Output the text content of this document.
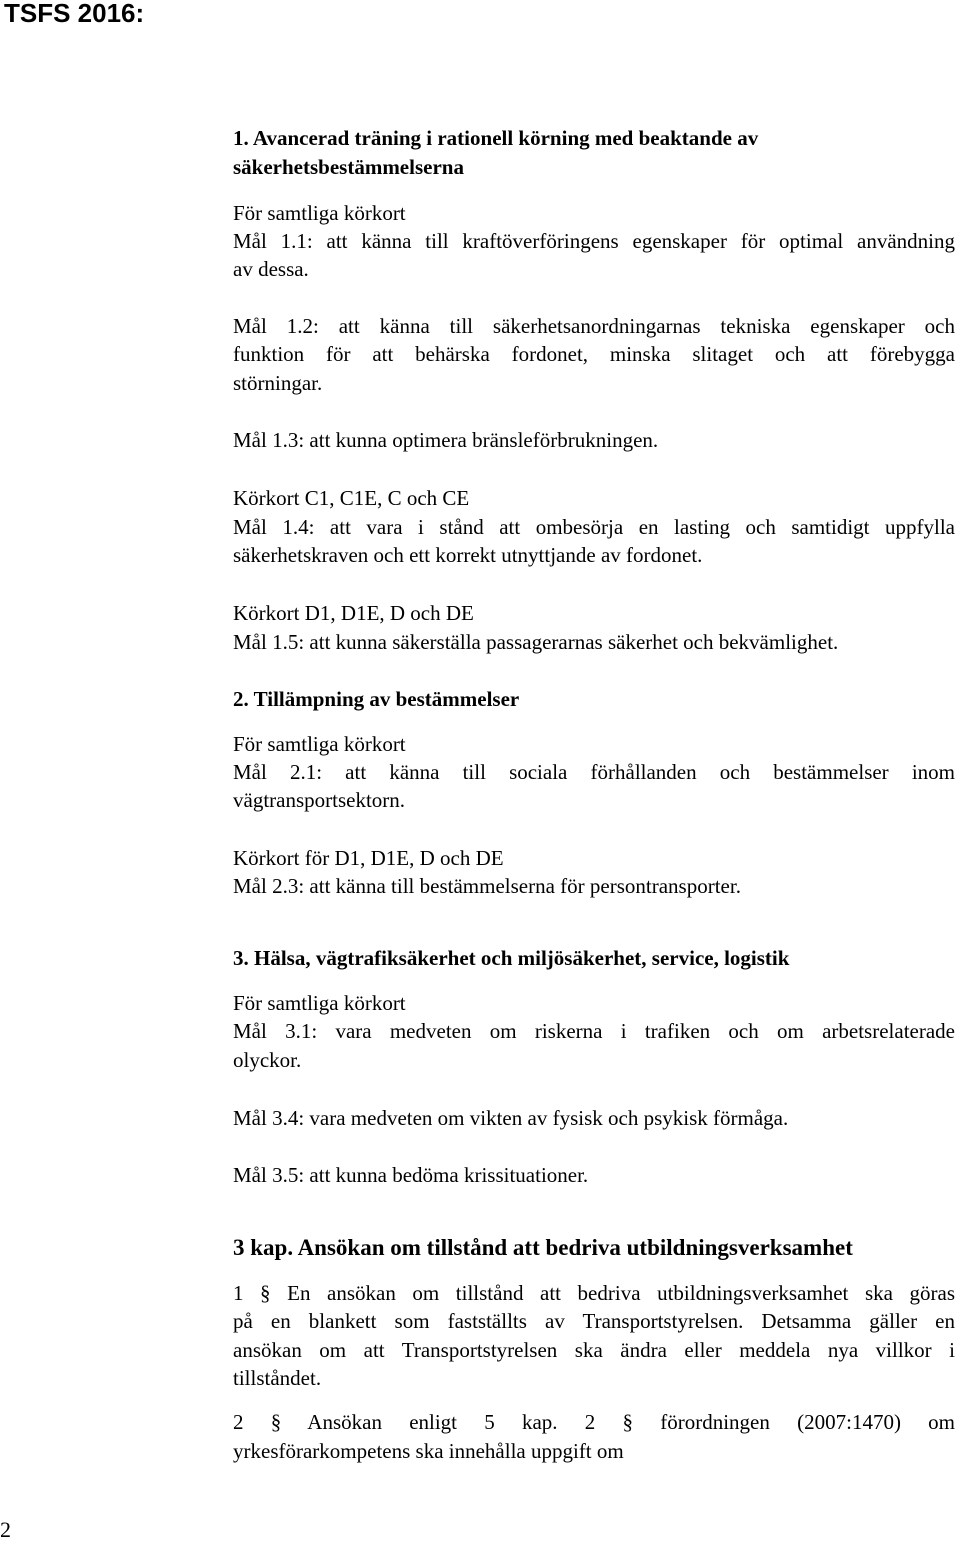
TSFS 2016:
1. Avancerad träning i rationell körning med beaktande av
säkerhetsbestämmelserna
För samtliga körkort
Mål 1.1: att känna till kraftöverföringens egenskaper för optimal användning
av dessa.
Mål 1.2: att känna till säkerhetsanordningarnas tekniska egenskaper och
funktion för att behärska fordonet, minska slitaget och att förebygga
störningar.
Mål 1.3: att kunna optimera bränsleförbrukningen.
Körkort C1, C1E, C och CE
Mål 1.4: att vara i stånd att ombesörja en lasting och samtidigt uppfylla
säkerhetskraven och ett korrekt utnyttjande av fordonet.
Körkort D1, D1E, D och DE
Mål 1.5: att kunna säkerställa passagerarnas säkerhet och bekvämlighet.
2. Tillämpning av bestämmelser
För samtliga körkort
Mål 2.1: att känna till sociala förhållanden och bestämmelser inom
vägtransportsektorn.
Körkort för D1, D1E, D och DE
Mål 2.3: att känna till bestämmelserna för persontransporter.
3. Hälsa, vägtrafiksäkerhet och miljösäkerhet, service, logistik
För samtliga körkort
Mål 3.1: vara medveten om riskerna i trafiken och om arbetsrelaterade
olyckor.
Mål 3.4: vara medveten om vikten av fysisk och psykisk förmåga.
Mål 3.5: att kunna bedöma krissituationer.
3 kap. Ansökan om tillstånd att bedriva utbildningsverksamhet
1 § En ansökan om tillstånd att bedriva utbildningsverksamhet ska göras
på en blankett som fastställts av Transportstyrelsen. Detsamma gäller en
ansökan om att Transportstyrelsen ska ändra eller meddela nya villkor i
tillståndet.
2 § Ansökan enligt 5 kap. 2 § förordningen (2007:1470) om
yrkesförarkompetens ska innehålla uppgift om
2
